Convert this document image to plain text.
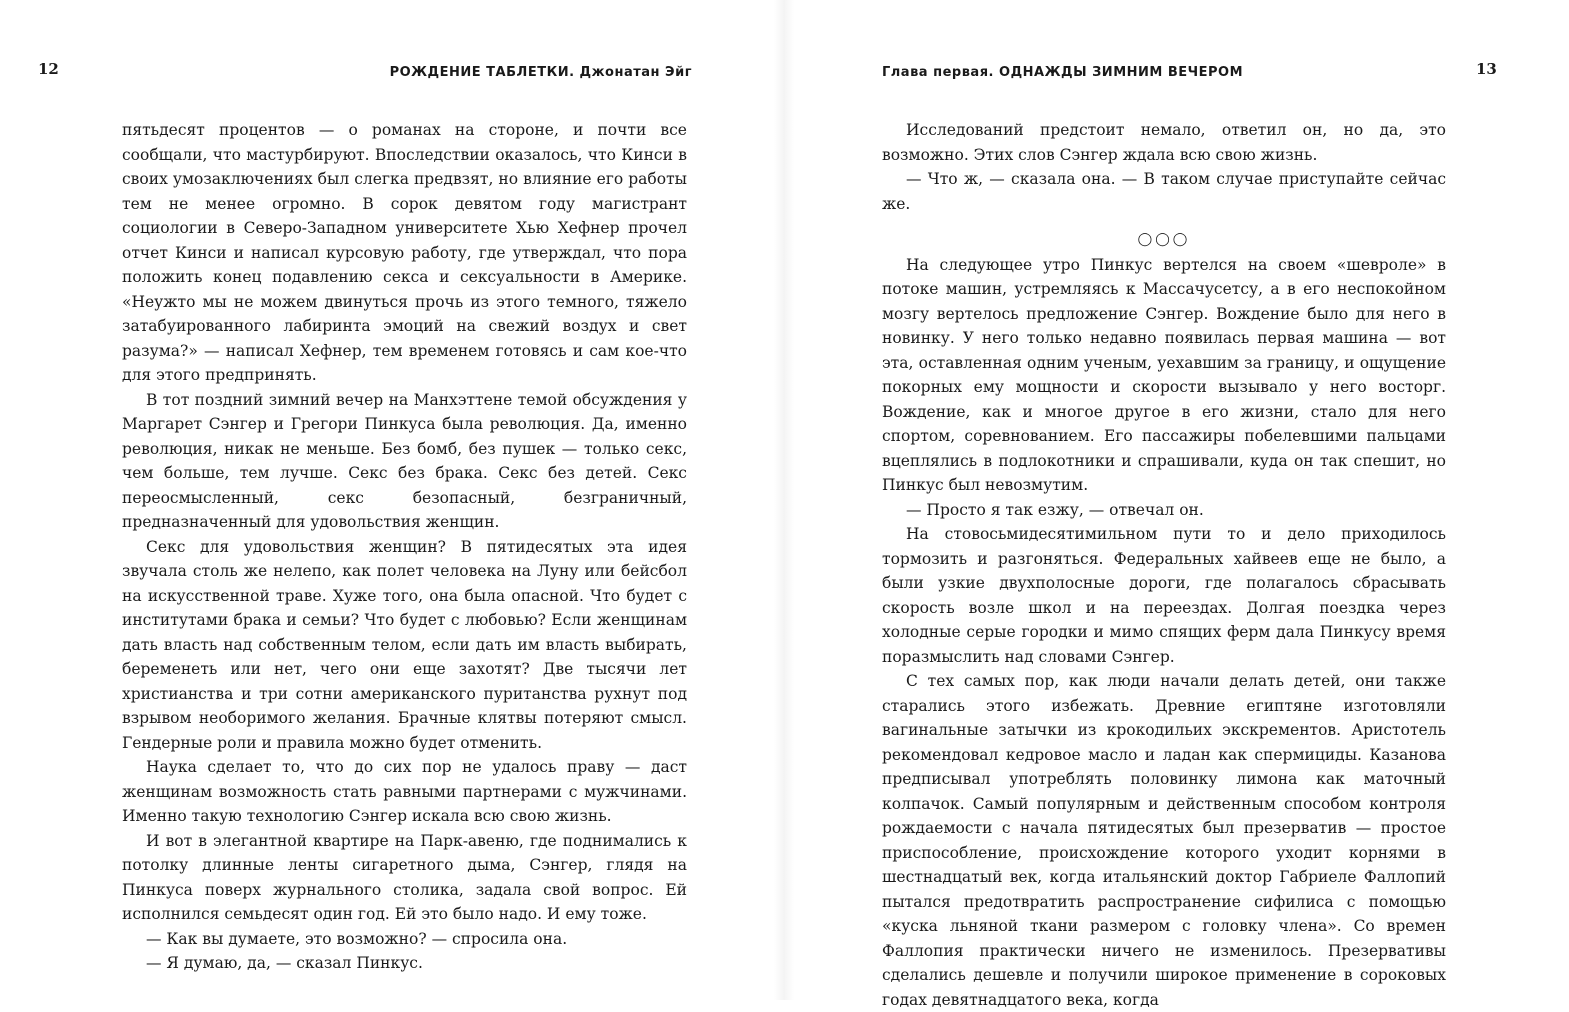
12	РОЖДЕНИЕ ТАБЛЕТКИ. Джонатан Эйг

пятьдесят процентов — о романах на стороне, и почти все сообщали, что мастурбируют. Впоследствии оказалось, что Кинси в своих умозаключениях был слегка предвзят, но влияние его работы тем не менее огромно. В сорок девятом году магистрант социологии в Северо-Западном университете Хью Хефнер прочел отчет Кинси и написал курсовую работу, где утверждал, что пора положить конец подавлению секса и сексуальности в Америке. «Неужто мы не можем двинуться прочь из этого темного, тяжело затабуированного лабиринта эмоций на свежий воздух и свет разума?» — написал Хефнер, тем временем готовясь и сам кое-что для этого предпринять.

В тот поздний зимний вечер на Манхэттене темой обсуждения у Маргарет Сэнгер и Грегори Пинкуса была революция. Да, именно революция, никак не меньше. Без бомб, без пушек — только секс, чем больше, тем лучше. Секс без брака. Секс без детей. Секс переосмысленный, секс безопасный, безграничный, предназначенный для удовольствия женщин.

Секс для удовольствия женщин? В пятидесятых эта идея звучала столь же нелепо, как полет человека на Луну или бейсбол на искусственной траве. Хуже того, она была опасной. Что будет с институтами брака и семьи? Что будет с любовью? Если женщинам дать власть над собственным телом, если дать им власть выбирать, беременеть или нет, чего они еще захотят? Две тысячи лет христианства и три сотни американского пуританства рухнут под взрывом необоримого желания. Брачные клятвы потеряют смысл. Гендерные роли и правила можно будет отменить.

Наука сделает то, что до сих пор не удалось праву — даст женщинам возможность стать равными партнерами с мужчинами. Именно такую технологию Сэнгер искала всю свою жизнь.

И вот в элегантной квартире на Парк-авеню, где поднимались к потолку длинные ленты сигаретного дыма, Сэнгер, глядя на Пинкуса поверх журнального столика, задала свой вопрос. Ей исполнился семьдесят один год. Ей это было надо. И ему тоже.

— Как вы думаете, это возможно? — спросила она.

— Я думаю, да, — сказал Пинкус.

Глава первая. ОДНАЖДЫ ЗИМНИМ ВЕЧЕРОМ	13

Исследований предстоит немало, ответил он, но да, это возможно. Этих слов Сэнгер ждала всю свою жизнь.

— Что ж, — сказала она. — В таком случае приступайте сейчас же.

◯◯◯

На следующее утро Пинкус вертелся на своем «шевроле» в потоке машин, устремляясь к Массачусетсу, а в его неспокойном мозгу вертелось предложение Сэнгер. Вождение было для него в новинку. У него только недавно появилась первая машина — вот эта, оставленная одним ученым, уехавшим за границу, и ощущение покорных ему мощности и скорости вызывало у него восторг. Вождение, как и многое другое в его жизни, стало для него спортом, соревнованием. Его пассажиры побелевшими пальцами вцеплялись в подлокотники и спрашивали, куда он так спешит, но Пинкус был невозмутим.

— Просто я так езжу, — отвечал он.

На стовосьмидесятимильном пути то и дело приходилось тормозить и разгоняться. Федеральных хайвеев еще не было, а были узкие двухполосные дороги, где полагалось сбрасывать скорость возле школ и на переездах. Долгая поездка через холодные серые городки и мимо спящих ферм дала Пинкусу время поразмыслить над словами Сэнгер.

С тех самых пор, как люди начали делать детей, они также старались этого избежать. Древние египтяне изготовляли вагинальные затычки из крокодильих экскрементов. Аристотель рекомендовал кедровое масло и ладан как спермициды. Казанова предписывал употреблять половинку лимона как маточный колпачок. Самый популярным и действенным способом контроля рождаемости с начала пятидесятых был презерватив — простое приспособление, происхождение которого уходит корнями в шестнадцатый век, когда итальянский доктор Габриеле Фаллопий пытался предотвратить распространение сифилиса с помощью «куска льняной ткани размером с головку члена». Со времен Фаллопия практически ничего не изменилось. Презервативы сделались дешевле и получили широкое применение в сороковых годах девятнадцатого века, когда
